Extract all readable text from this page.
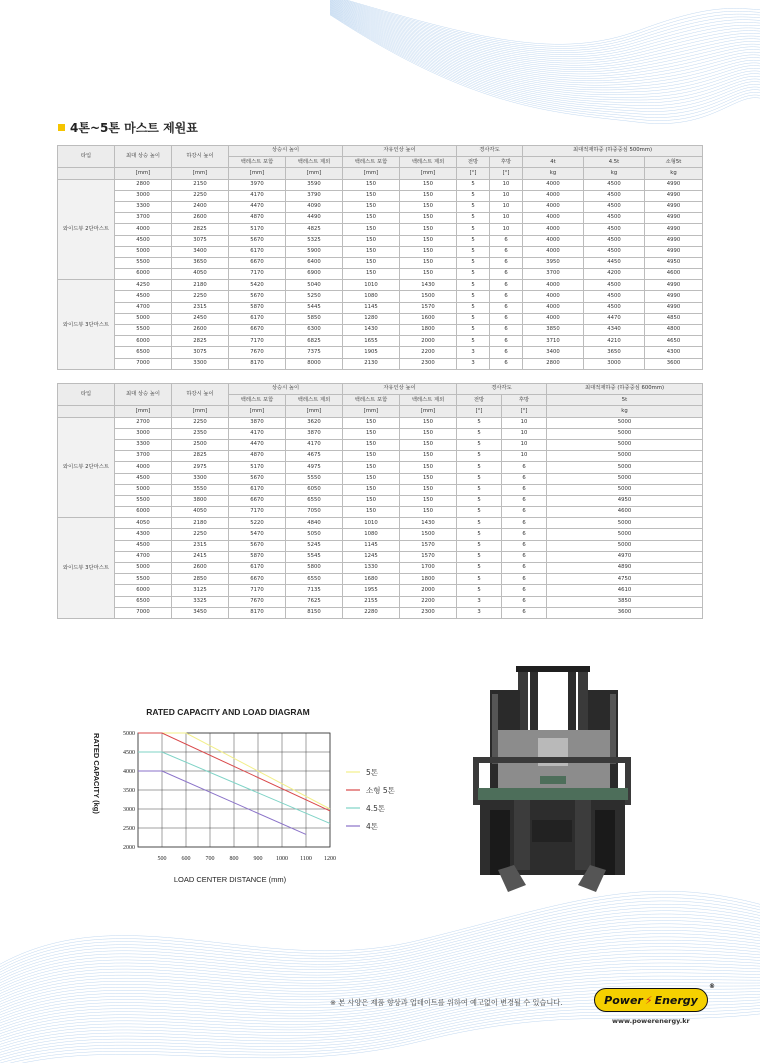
4톤~5톤 마스트 제원표
타입	최대 상승 높이	하강시 높이	상승시 높이		자유인상 높이		경사각도		최대적재하중 (하중중심 500mm)		
			백레스트 포함	백레스트 제외	백레스트 포함	백레스트 제외	전방	후방	4t	4.5t	소형5t
	[mm]	[mm]	[mm]	[mm]	[mm]	[mm]	[°]	[°]	kg	kg	kg
와이드뷰 2단마스트	2800	2150	3970	3590	150	150	5	10	4000	4500	4990
	3000	2250	4170	3790	150	150	5	10	4000	4500	4990
	3300	2400	4470	4090	150	150	5	10	4000	4500	4990
	3700	2600	4870	4490	150	150	5	10	4000	4500	4990
	4000	2825	5170	4825	150	150	5	10	4000	4500	4990
	4500	3075	5670	5325	150	150	5	6	4000	4500	4990
	5000	3400	6170	5900	150	150	5	6	4000	4500	4990
	5500	3650	6670	6400	150	150	5	6	3950	4450	4950
	6000	4050	7170	6900	150	150	5	6	3700	4200	4600
와이드뷰 3단마스트	4250	2180	5420	5040	1010	1430	5	6	4000	4500	4990
	4500	2250	5670	5250	1080	1500	5	6	4000	4500	4990
	4700	2315	5870	5445	1145	1570	5	6	4000	4500	4990
	5000	2450	6170	5850	1280	1600	5	6	4000	4470	4850
	5500	2600	6670	6300	1430	1800	5	6	3850	4340	4800
	6000	2825	7170	6825	1655	2000	5	6	3710	4210	4650
	6500	3075	7670	7375	1905	2200	3	6	3400	3650	4300
	7000	3300	8170	8000	2130	2300	3	6	2800	3000	3600
타입	최대 상승 높이	하강시 높이	상승시 높이		자유인상 높이		경사각도		최대적재하중 (하중중심 600mm)
			백레스트 포함	백레스트 제외	백레스트 포함	백레스트 제외	전방	후방	5t
	[mm]	[mm]	[mm]	[mm]	[mm]	[mm]	[°]	[°]	kg
와이드뷰 2단마스트	2700	2250	3870	3620	150	150	5	10	5000
	3000	2350	4170	3870	150	150	5	10	5000
	3300	2500	4470	4170	150	150	5	10	5000
	3700	2825	4870	4675	150	150	5	10	5000
	4000	2975	5170	4975	150	150	5	6	5000
	4500	3300	5670	5550	150	150	5	6	5000
	5000	3550	6170	6050	150	150	5	6	5000
	5500	3800	6670	6550	150	150	5	6	4950
	6000	4050	7170	7050	150	150	5	6	4600
와이드뷰 3단마스트	4050	2180	5220	4840	1010	1430	5	6	5000
	4300	2250	5470	5050	1080	1500	5	6	5000
	4500	2315	5670	5245	1145	1570	5	6	5000
	4700	2415	5870	5545	1245	1570	5	6	4970
	5000	2600	6170	5800	1330	1700	5	6	4890
	5500	2850	6670	6550	1680	1800	5	6	4750
	6000	3125	7170	7135	1955	2000	5	6	4610
	6500	3325	7670	7625	2155	2200	3	6	3850
	7000	3450	8170	8150	2280	2300	3	6	3600
RATED CAPACITY AND LOAD DIAGRAM
RATED CAPACITY (kg)
LOAD CENTER DISTANCE (mm)
500	600	700	800	900 1000 1100 1200
2000
2500
3000
3500
4000
4500
5000
5톤
소형 5톤
4.5톤
4톤
※ 본 사양은 제품 향상과 업데이트를 위하여 예고없이 변경될 수 있습니다.	Power ⚡ Energy
®
www.powerenergy.kr
